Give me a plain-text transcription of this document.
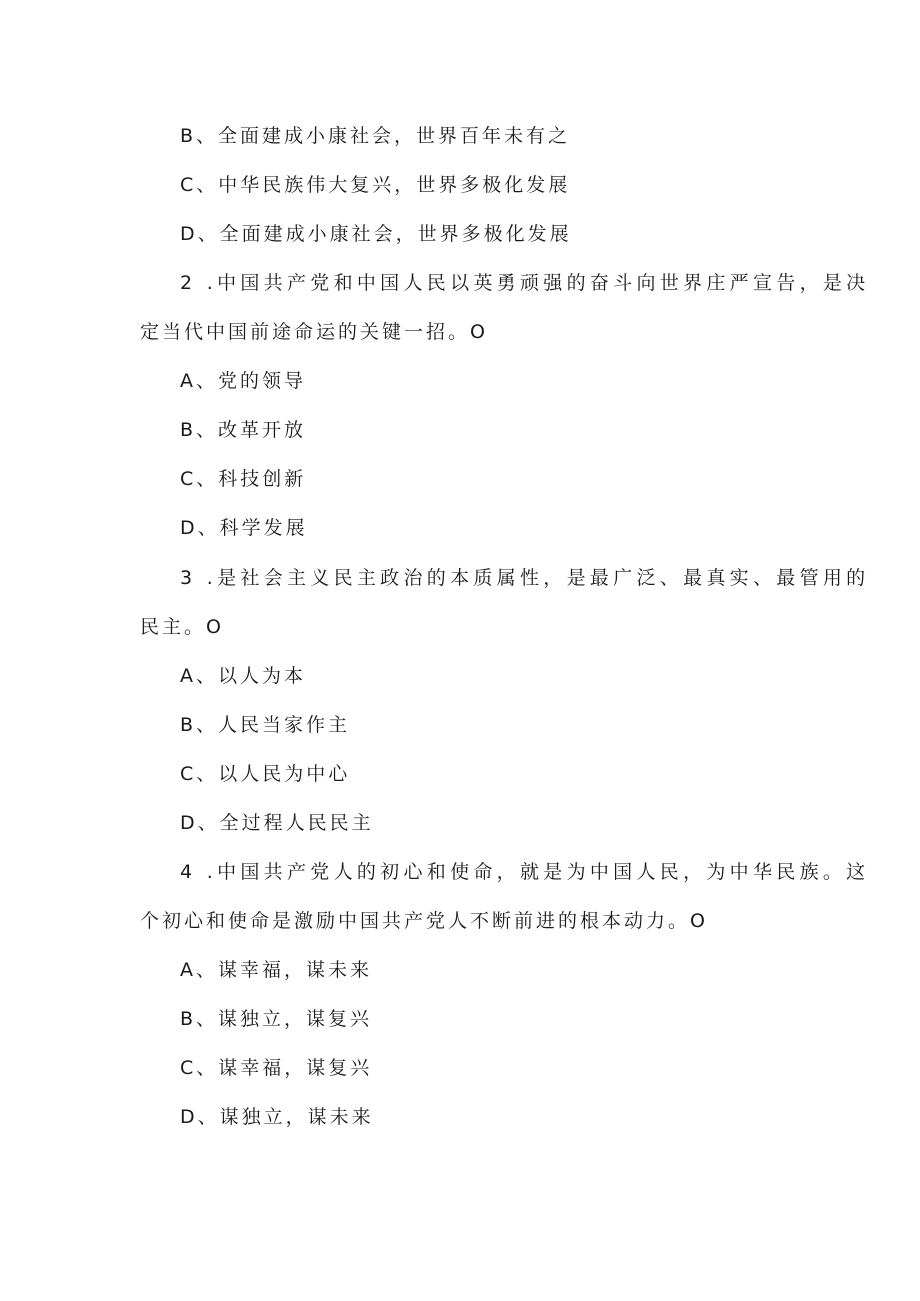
B、全面建成小康社会，世界百年未有之
C、中华民族伟大复兴，世界多极化发展
D、全面建成小康社会，世界多极化发展
2 .中国共产党和中国人民以英勇顽强的奋斗向世界庄严宣告，是决
定当代中国前途命运的关键一招。O
A、党的领导
B、改革开放
C、科技创新
D、科学发展
3 .是社会主义民主政治的本质属性，是最广泛、最真实、最管用的
民主。O
A、以人为本
B、人民当家作主
C、以人民为中心
D、全过程人民民主
4 .中国共产党人的初心和使命，就是为中国人民，为中华民族。这
个初心和使命是激励中国共产党人不断前进的根本动力。O
A、谋幸福，谋未来
B、谋独立，谋复兴
C、谋幸福，谋复兴
D、谋独立，谋未来
